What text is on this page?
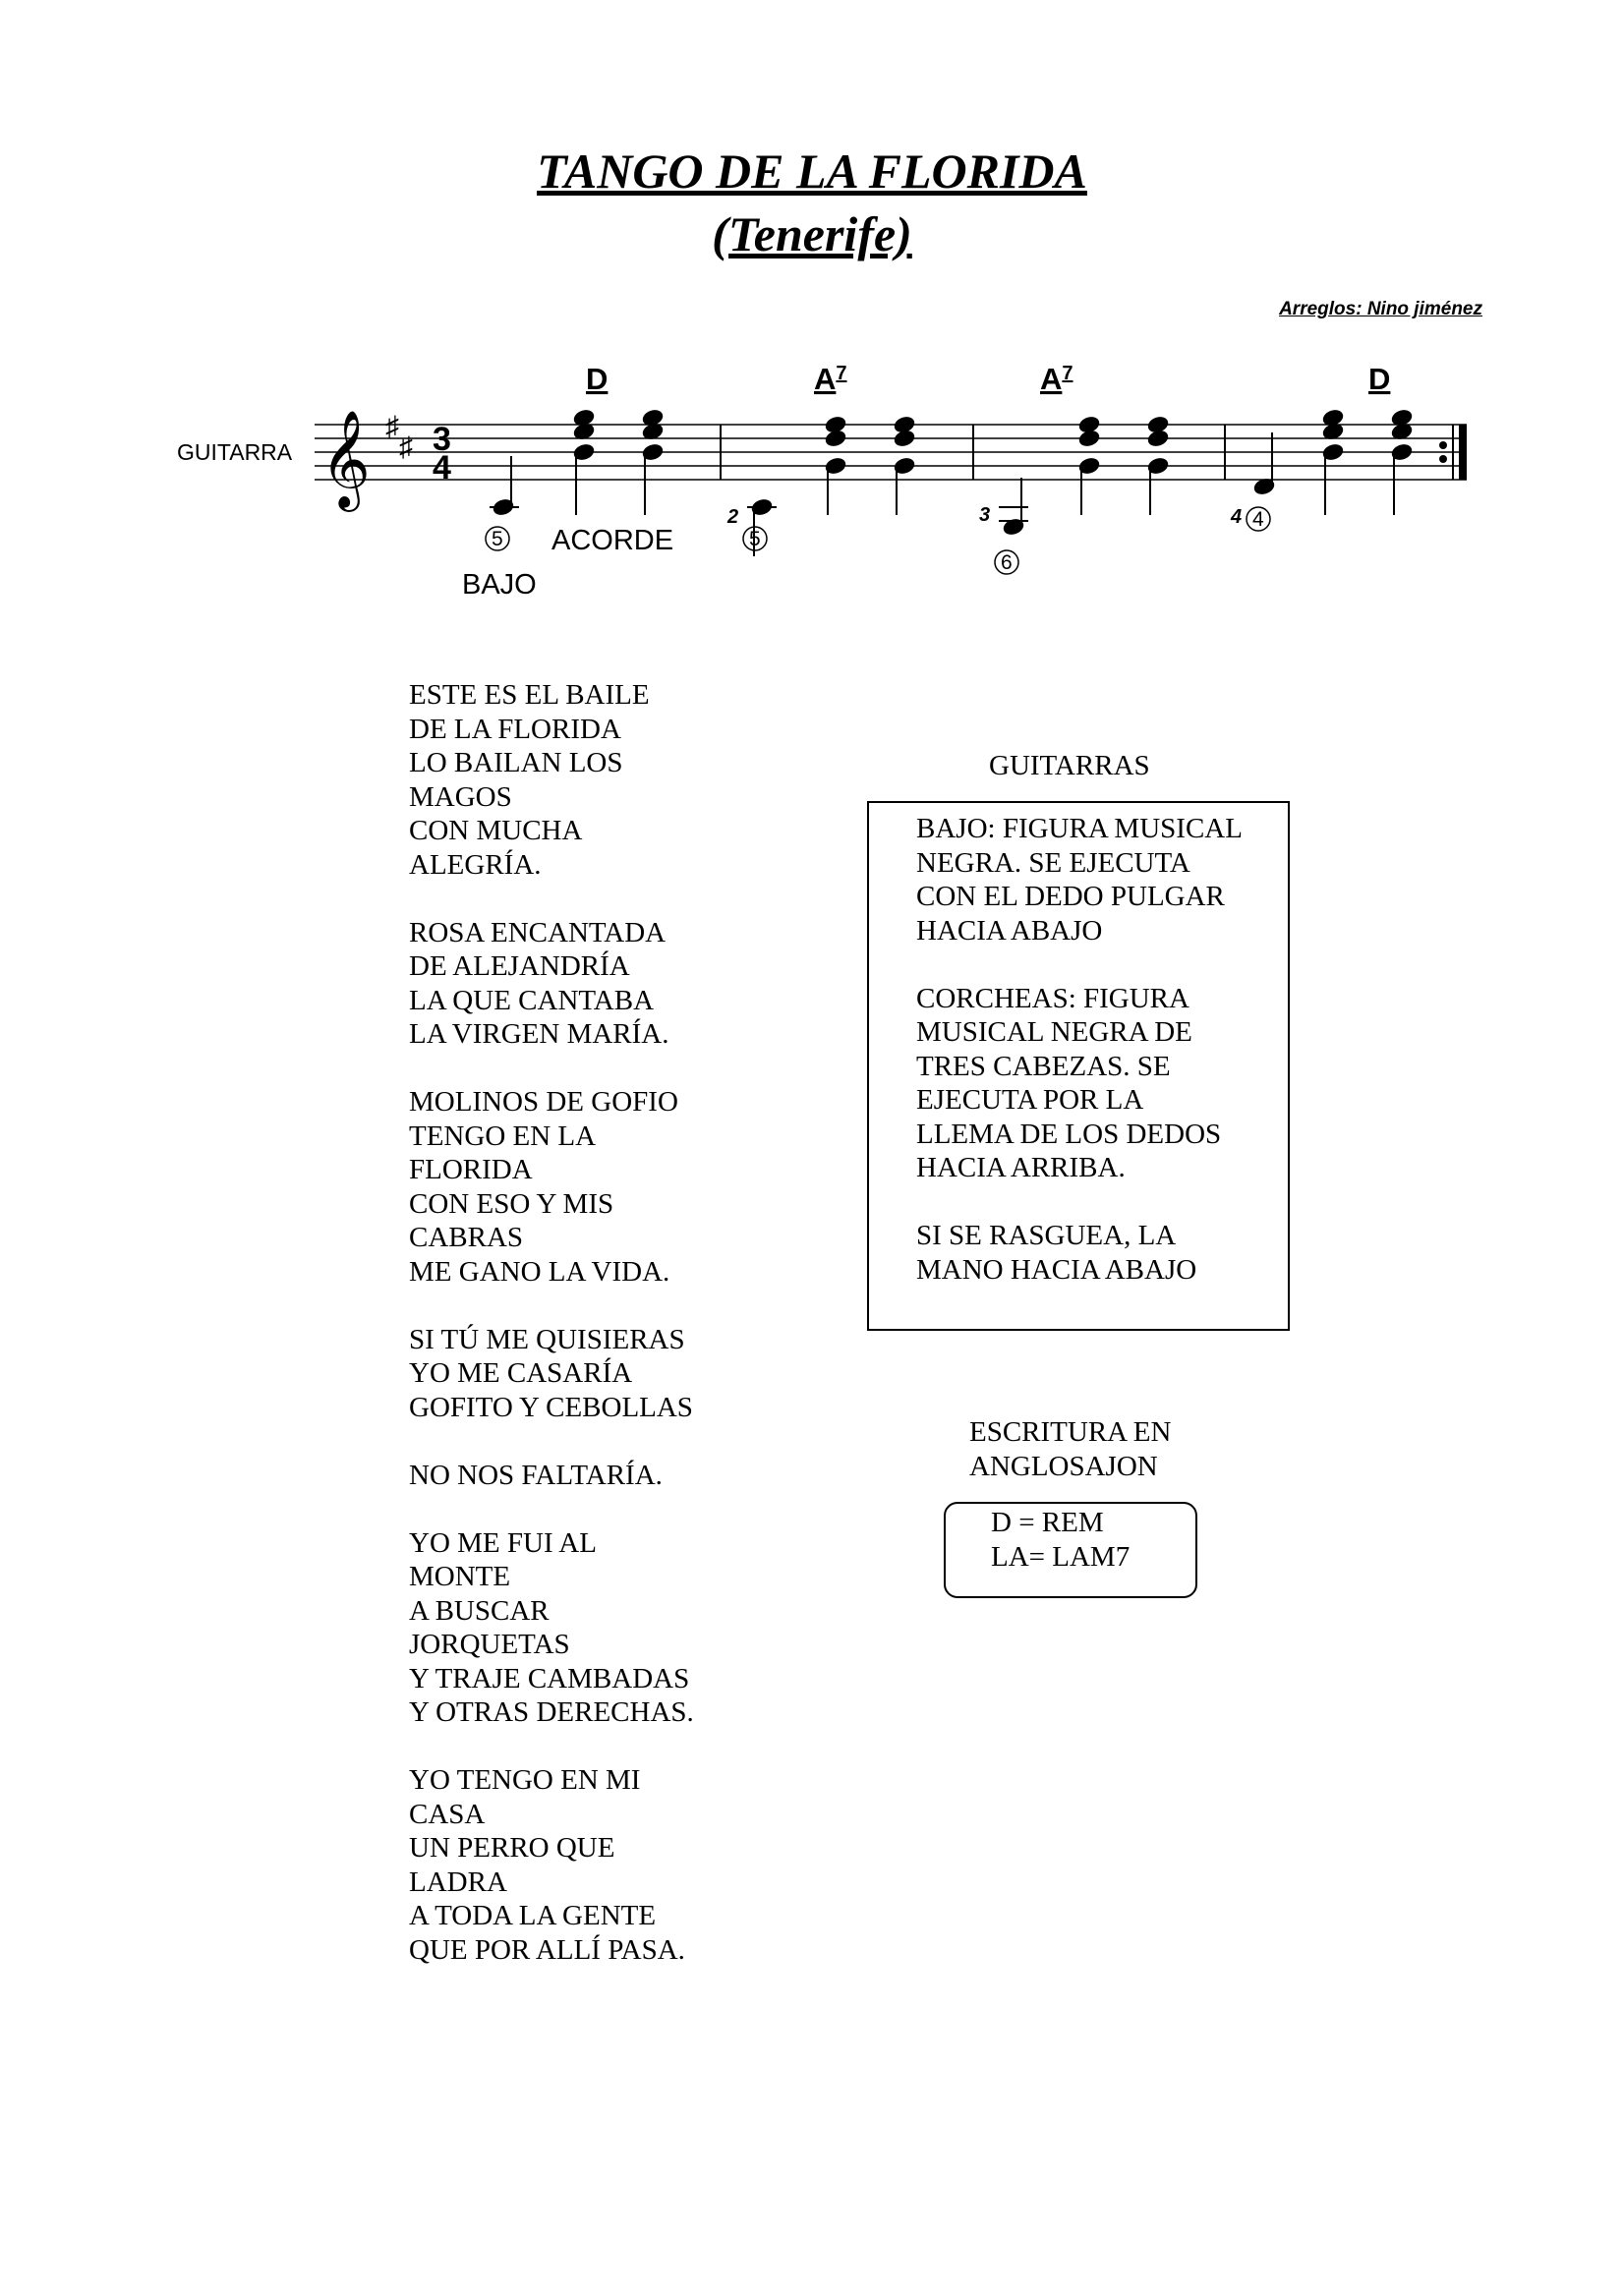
TANGO DE LA FLORIDA
(Tenerife)
Arreglos: Nino jiménez
GUITARRA 𝄞 ♯
♯ 3
4
D	$A^7$	$A^7$	D
5	5
6
4
2	3	4
ACORDE
BAJO
ESTE ES EL BAILE
DE LA FLORIDA
LO BAILAN LOS
MAGOS
CON MUCHA
ALEGRÍA.
ROSA ENCANTADA
DE ALEJANDRÍA
LA QUE CANTABA
LA VIRGEN MARÍA.
MOLINOS DE GOFIO
TENGO EN LA
FLORIDA
CON ESO Y MIS
CABRAS
ME GANO LA VIDA.
SI TÚ ME QUISIERAS
YO ME CASARÍA
GOFITO Y CEBOLLAS
NO NOS FALTARÍA.
YO ME FUI AL
MONTE
A BUSCAR
JORQUETAS
Y TRAJE CAMBADAS
Y OTRAS DERECHAS.
YO TENGO EN MI
CASA
UN PERRO QUE
LADRA
A TODA LA GENTE
QUE POR ALLÍ PASA.
GUITARRAS
BAJO: FIGURA MUSICAL
NEGRA. SE EJECUTA
CON EL DEDO PULGAR
HACIA ABAJO
CORCHEAS: FIGURA
MUSICAL NEGRA DE
TRES CABEZAS. SE
EJECUTA POR LA
LLEMA DE LOS DEDOS
HACIA ARRIBA.
SI SE RASGUEA, LA
MANO HACIA ABAJO
ESCRITURA EN
ANGLOSAJON
D = REM
LA= LAM7
